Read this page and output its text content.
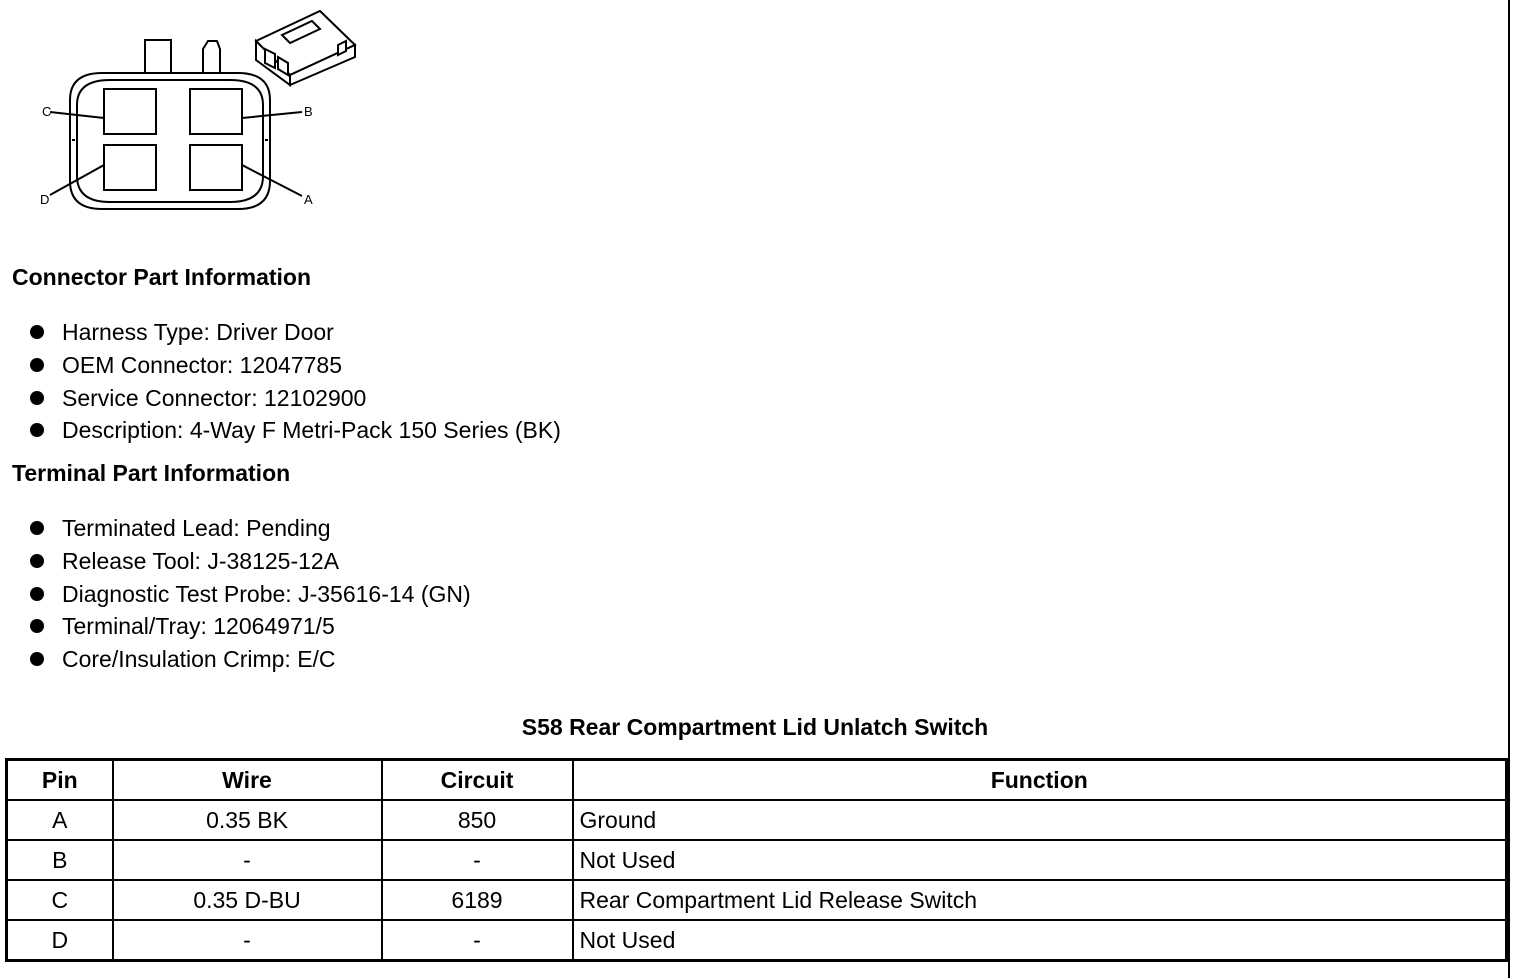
C	B
D	A
Connector Part Information
Harness Type: Driver Door
OEM Connector: 12047785
Service Connector: 12102900
Description: 4-Way F Metri-Pack 150 Series (BK)
Terminal Part Information
Terminated Lead: Pending
Release Tool: J-38125-12A
Diagnostic Test Probe: J-35616-14 (GN)
Terminal/Tray: 12064971/5
Core/Insulation Crimp: E/C
S58 Rear Compartment Lid Unlatch Switch
Pin	Wire	Circuit	Function
A	0.35 BK	850	Ground
B	-	-	Not Used
C	0.35 D-BU	6189	Rear Compartment Lid Release Switch
D	-	-	Not Used
